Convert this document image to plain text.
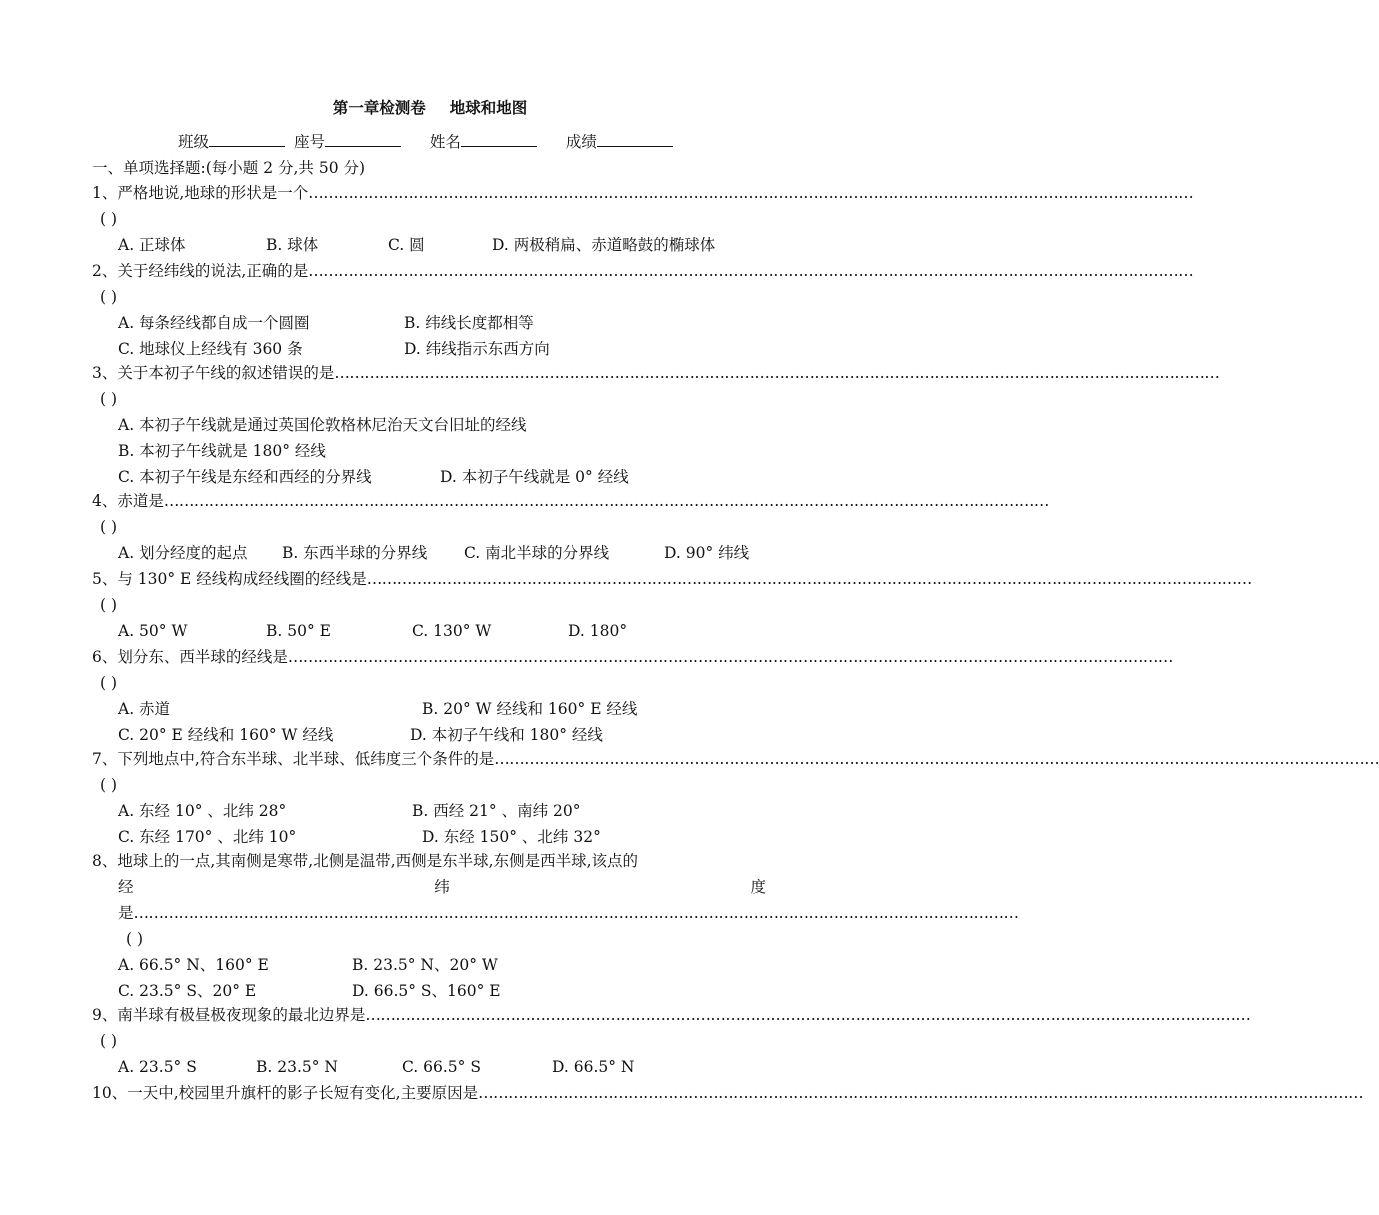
第一章检测卷 地球和地图
班级	座号	姓名	成绩
一、单项选择题:(每小题 2 分,共 50 分)
1、严格地说,地球的形状是一个 ……………………………………………………………………………………………………………………………………………………………
( )
A. 正球体	B. 球体	C. 圆	D. 两极稍扁、赤道略鼓的椭球体
2、关于经纬线的说法,正确的是 ……………………………………………………………………………………………………………………………………………………………
( )
A. 每条经线都自成一个圆圈	B. 纬线长度都相等
C. 地球仪上经线有 360 条	D. 纬线指示东西方向
3、关于本初子午线的叙述错误的是 ……………………………………………………………………………………………………………………………………………………………
( )
A. 本初子午线就是通过英国伦敦格林尼治天文台旧址的经线
B. 本初子午线就是 180° 经线
C. 本初子午线是东经和西经的分界线	D. 本初子午线就是 0° 经线
4、赤道是 ……………………………………………………………………………………………………………………………………………………………
( )
A. 划分经度的起点 B. 东西半球的分界线 C. 南北半球的分界线	D. 90° 纬线
5、与 130° E 经线构成经线圈的经线是 ……………………………………………………………………………………………………………………………………………………………
( )
A. 50° W	B. 50° E	C. 130° W	D. 180°
6、划分东、西半球的经线是 ……………………………………………………………………………………………………………………………………………………………
( )
A. 赤道	B. 20° W 经线和 160° E 经线
C. 20° E 经线和 160° W 经线	D. 本初子午线和 180° 经线
7、下列地点中,符合东半球、北半球、低纬度三个条件的是 ……………………………………………………………………………………………………………………………………………………………
( )
A. 东经 10° 、北纬 28°	B. 西经 21° 、南纬 20°
C. 东经 170° 、北纬 10°	D. 东经 150° 、北纬 32°
8、地球上的一点,其南侧是寒带,北侧是温带,西侧是东半球,东侧是西半球,该点的
经	纬	度
是 ……………………………………………………………………………………………………………………………………………………………
( )
A. 66.5° N、160° E	B. 23.5° N、20° W
C. 23.5° S、20° E	D. 66.5° S、160° E
9、南半球有极昼极夜现象的最北边界是 ……………………………………………………………………………………………………………………………………………………………
( )
A. 23.5° S	B. 23.5° N	C. 66.5° S	D. 66.5° N
10、一天中,校园里升旗杆的影子长短有变化,主要原因是 ……………………………………………………………………………………………………………………………………………………………
